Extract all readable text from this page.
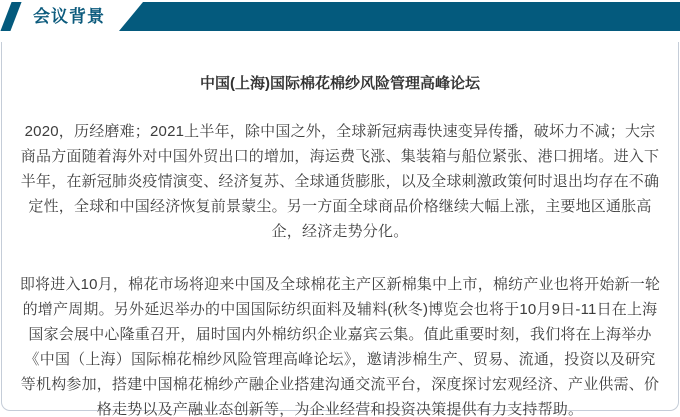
会议背景
中国(上海)国际棉花棉纱风险管理高峰论坛

2020，历经磨难；2021上半年，除中国之外，全球新冠病毒快速变异传播，破坏力不减；大宗商品方面随着海外对中国外贸出口的增加，海运费飞涨、集装箱与船位紧张、港口拥堵。进入下半年，在新冠肺炎疫情演变、经济复苏、全球通货膨胀，以及全球刺激政策何时退出均存在不确定性，全球和中国经济恢复前景蒙尘。另一方面全球商品价格继续大幅上涨，主要地区通胀高企，经济走势分化。

即将进入10月，棉花市场将迎来中国及全球棉花主产区新棉集中上市，棉纺产业也将开始新一轮的增产周期。另外延迟举办的中国国际纺织面料及辅料(秋冬)博览会也将于10月9日-11日在上海国家会展中心隆重召开，届时国内外棉纺织企业嘉宾云集。值此重要时刻，我们将在上海举办《中国（上海）国际棉花棉纱风险管理高峰论坛》，邀请涉棉生产、贸易、流通，投资以及研究等机构参加，搭建中国棉花棉纱产融企业搭建沟通交流平台，深度探讨宏观经济、产业供需、价格走势以及产融业态创新等，为企业经营和投资决策提供有力支持帮助。
